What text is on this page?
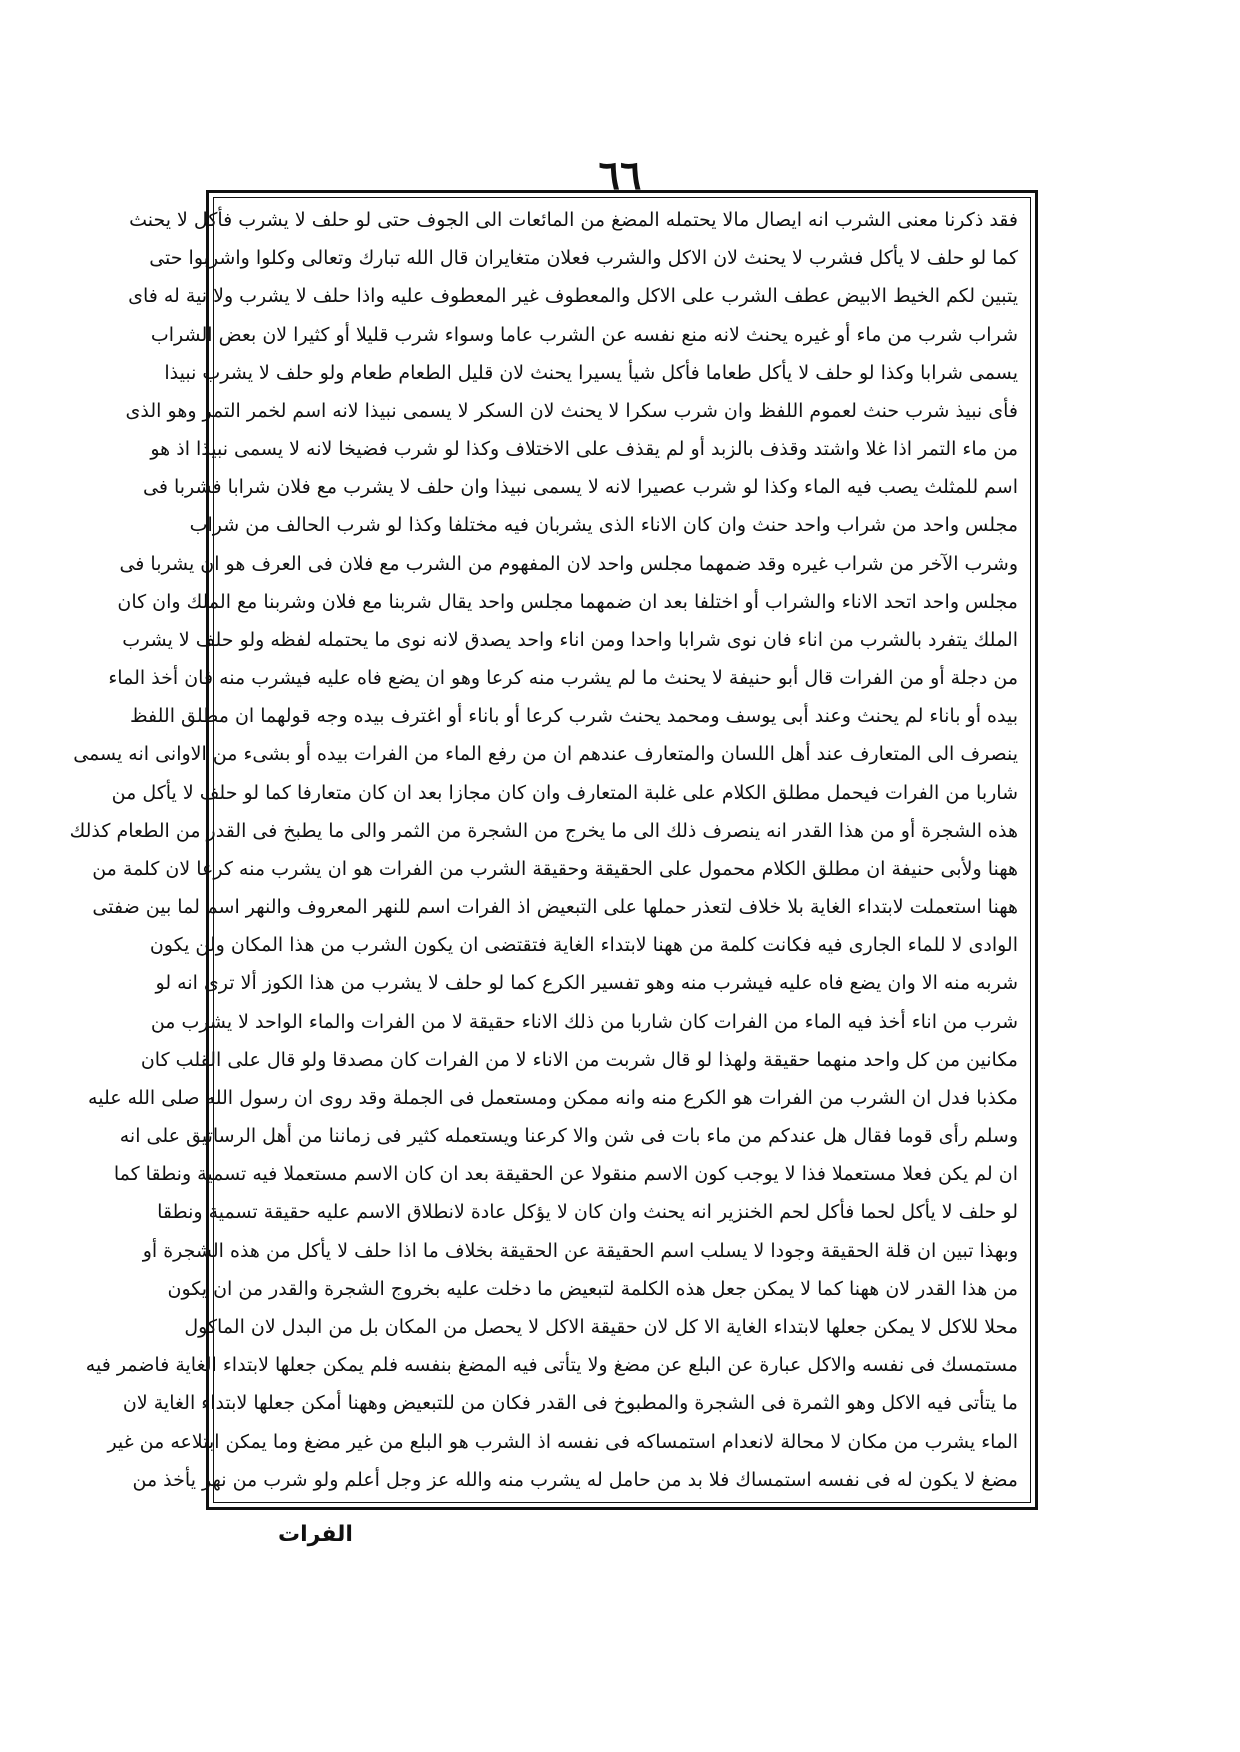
٦٦
فقد ذكرنا معنى الشرب انه ايصال مالا يحتمله المضغ من المائعات الى الجوف حتى لو حلف لا يشرب فأكل لا يحنث
كما لو حلف لا يأكل فشرب لا يحنث لان الاكل والشرب فعلان متغايران قال الله تبارك وتعالى وكلوا واشربوا حتى
يتبين لكم الخيط الابيض عطف الشرب على الاكل والمعطوف غير المعطوف عليه واذا حلف لا يشرب ولا نية له فاى
شراب شرب من ماء أو غيره يحنث لانه منع نفسه عن الشرب عاما وسواء شرب قليلا أو كثيرا لان بعض الشراب
يسمى شرابا وكذا لو حلف لا يأكل طعاما فأكل شيأ يسيرا يحنث لان قليل الطعام طعام ولو حلف لا يشرب نبيذا
فأى نبيذ شرب حنث لعموم اللفظ وان شرب سكرا لا يحنث لان السكر لا يسمى نبيذا لانه اسم لخمر التمر وهو الذى
من ماء التمر اذا غلا واشتد وقذف بالزبد أو لم يقذف على الاختلاف وكذا لو شرب فضيخا لانه لا يسمى نبيذا اذ هو
اسم للمثلث يصب فيه الماء وكذا لو شرب عصيرا لانه لا يسمى نبيذا وان حلف لا يشرب مع فلان شرابا فشربا فى
مجلس واحد من شراب واحد حنث وان كان الاناء الذى يشربان فيه مختلفا وكذا لو شرب الحالف من شراب
وشرب الآخر من شراب غيره وقد ضمهما مجلس واحد لان المفهوم من الشرب مع فلان فى العرف هو ان يشربا فى
مجلس واحد اتحد الاناء والشراب أو اختلفا بعد ان ضمهما مجلس واحد يقال شربنا مع فلان وشربنا مع الملك وان كان
الملك يتفرد بالشرب من اناء فان نوى شرابا واحدا ومن اناء واحد يصدق لانه نوى ما يحتمله لفظه ولو حلف لا يشرب
من دجلة أو من الفرات قال أبو حنيفة لا يحنث ما لم يشرب منه كرعا وهو ان يضع فاه عليه فيشرب منه فان أخذ الماء
بيده أو باناء لم يحنث وعند أبى يوسف ومحمد يحنث شرب كرعا أو باناء أو اغترف بيده وجه قولهما ان مطلق اللفظ
ينصرف الى المتعارف عند أهل اللسان والمتعارف عندهم ان من رفع الماء من الفرات بيده أو بشىء من الاوانى انه يسمى
شاربا من الفرات فيحمل مطلق الكلام على غلبة المتعارف وان كان مجازا بعد ان كان متعارفا كما لو حلف لا يأكل من
هذه الشجرة أو من هذا القدر انه ينصرف ذلك الى ما يخرج من الشجرة من الثمر والى ما يطبخ فى القدر من الطعام كذلك
ههنا ولأبى حنيفة ان مطلق الكلام محمول على الحقيقة وحقيقة الشرب من الفرات هو ان يشرب منه كرعا لان كلمة من
ههنا استعملت لابتداء الغاية بلا خلاف لتعذر حملها على التبعيض اذ الفرات اسم للنهر المعروف والنهر اسم لما بين ضفتى
الوادى لا للماء الجارى فيه فكانت كلمة من ههنا لابتداء الغاية فتقتضى ان يكون الشرب من هذا المكان ولن يكون
شربه منه الا وان يضع فاه عليه فيشرب منه وهو تفسير الكرع كما لو حلف لا يشرب من هذا الكوز ألا ترى انه لو
شرب من اناء أخذ فيه الماء من الفرات كان شاربا من ذلك الاناء حقيقة لا من الفرات والماء الواحد لا يشرب من
مكانين من كل واحد منهما حقيقة ولهذا لو قال شربت من الاناء لا من الفرات كان مصدقا ولو قال على القلب كان
مكذبا فدل ان الشرب من الفرات هو الكرع منه وانه ممكن ومستعمل فى الجملة وقد روى ان رسول الله صلى الله عليه
وسلم رأى قوما فقال هل عندكم من ماء بات فى شن والا كرعنا ويستعمله كثير فى زماننا من أهل الرساتيق على انه
ان لم يكن فعلا مستعملا فذا لا يوجب كون الاسم منقولا عن الحقيقة بعد ان كان الاسم مستعملا فيه تسمية ونطقا كما
لو حلف لا يأكل لحما فأكل لحم الخنزير انه يحنث وان كان لا يؤكل عادة لانطلاق الاسم عليه حقيقة تسمية ونطقا
وبهذا تبين ان قلة الحقيقة وجودا لا يسلب اسم الحقيقة عن الحقيقة بخلاف ما اذا حلف لا يأكل من هذه الشجرة أو
من هذا القدر لان ههنا كما لا يمكن جعل هذه الكلمة لتبعيض ما دخلت عليه بخروج الشجرة والقدر من ان يكون
محلا للاكل لا يمكن جعلها لابتداء الغاية الا كل لان حقيقة الاكل لا يحصل من المكان بل من البدل لان الماكول
مستمسك فى نفسه والاكل عبارة عن البلع عن مضغ ولا يتأتى فيه المضغ بنفسه فلم يمكن جعلها لابتداء الغاية فاضمر فيه
ما يتأتى فيه الاكل وهو الثمرة فى الشجرة والمطبوخ فى القدر فكان من للتبعيض وههنا أمكن جعلها لابتداء الغاية لان
الماء يشرب من مكان لا محالة لانعدام استمساكه فى نفسه اذ الشرب هو البلع من غير مضغ وما يمكن ابتلاعه من غير
مضغ لا يكون له فى نفسه استمساك فلا بد من حامل له يشرب منه والله عز وجل أعلم ولو شرب من نهر يأخذ من
الفرات
